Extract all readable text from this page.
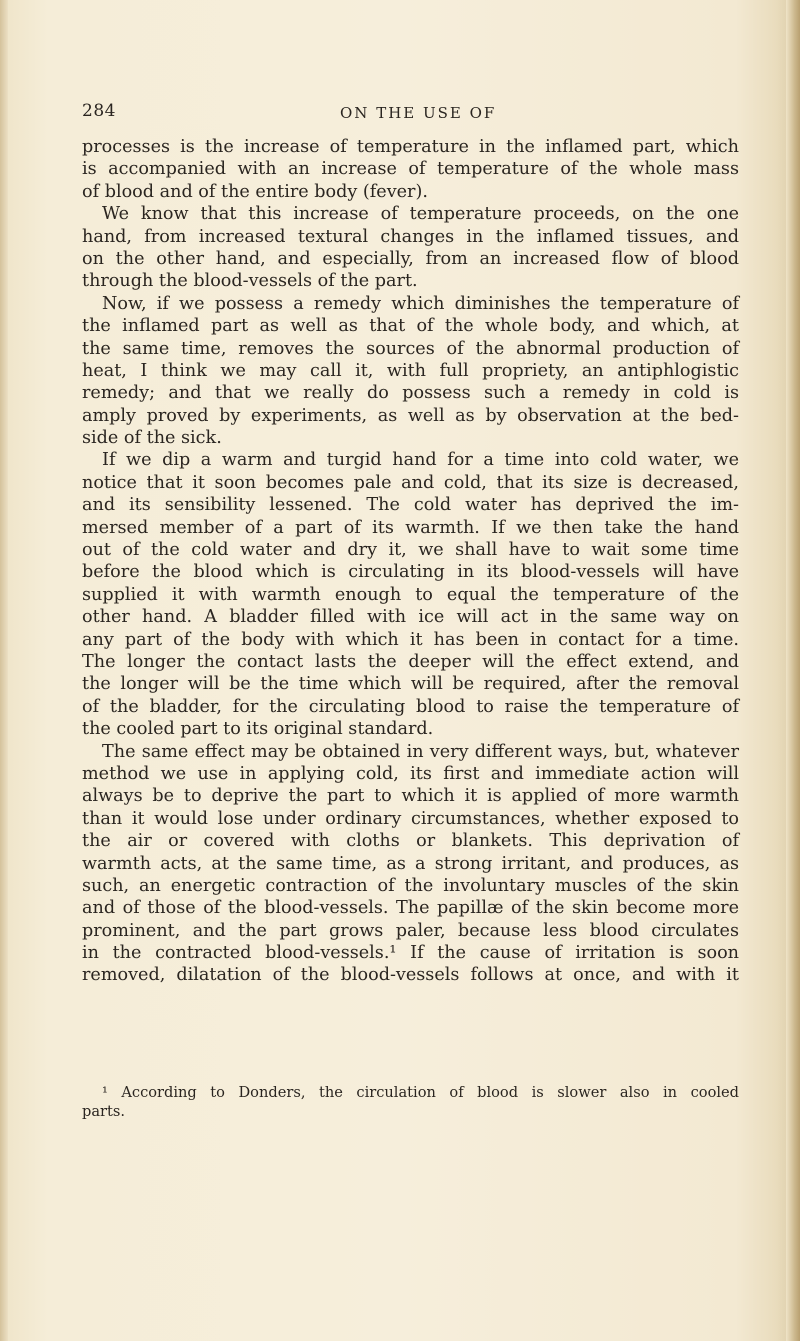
284	ON THE USE OF
processes is the increase of temperature in the inflamed part, which
is accompanied with an increase of temperature of the whole mass
of blood and of the entire body (fever).
We know that this increase of temperature proceeds, on the one
hand, from increased textural changes in the inflamed tissues, and
on the other hand, and especially, from an increased flow of blood
through the blood-vessels of the part.
Now, if we possess a remedy which diminishes the temperature of
the inflamed part as well as that of the whole body, and which, at
the same time, removes the sources of the abnormal production of
heat, I think we may call it, with full propriety, an antiphlogistic
remedy; and that we really do possess such a remedy in cold is
amply proved by experiments, as well as by observation at the bed-
side of the sick.
If we dip a warm and turgid hand for a time into cold water, we
notice that it soon becomes pale and cold, that its size is decreased,
and its sensibility lessened. The cold water has deprived the im-
mersed member of a part of its warmth. If we then take the hand
out of the cold water and dry it, we shall have to wait some time
before the blood which is circulating in its blood-vessels will have
supplied it with warmth enough to equal the temperature of the
other hand. A bladder filled with ice will act in the same way on
any part of the body with which it has been in contact for a time.
The longer the contact lasts the deeper will the effect extend, and
the longer will be the time which will be required, after the removal
of the bladder, for the circulating blood to raise the temperature of
the cooled part to its original standard.
The same effect may be obtained in very different ways, but, whatever
method we use in applying cold, its first and immediate action will
always be to deprive the part to which it is applied of more warmth
than it would lose under ordinary circumstances, whether exposed to
the air or covered with cloths or blankets. This deprivation of
warmth acts, at the same time, as a strong irritant, and produces, as
such, an energetic contraction of the involuntary muscles of the skin
and of those of the blood-vessels. The papillæ of the skin become more
prominent, and the part grows paler, because less blood circulates
in the contracted blood-vessels.¹ If the cause of irritation is soon
removed, dilatation of the blood-vessels follows at once, and with it
¹ According to Donders, the circulation of blood is slower also in cooled
parts.
